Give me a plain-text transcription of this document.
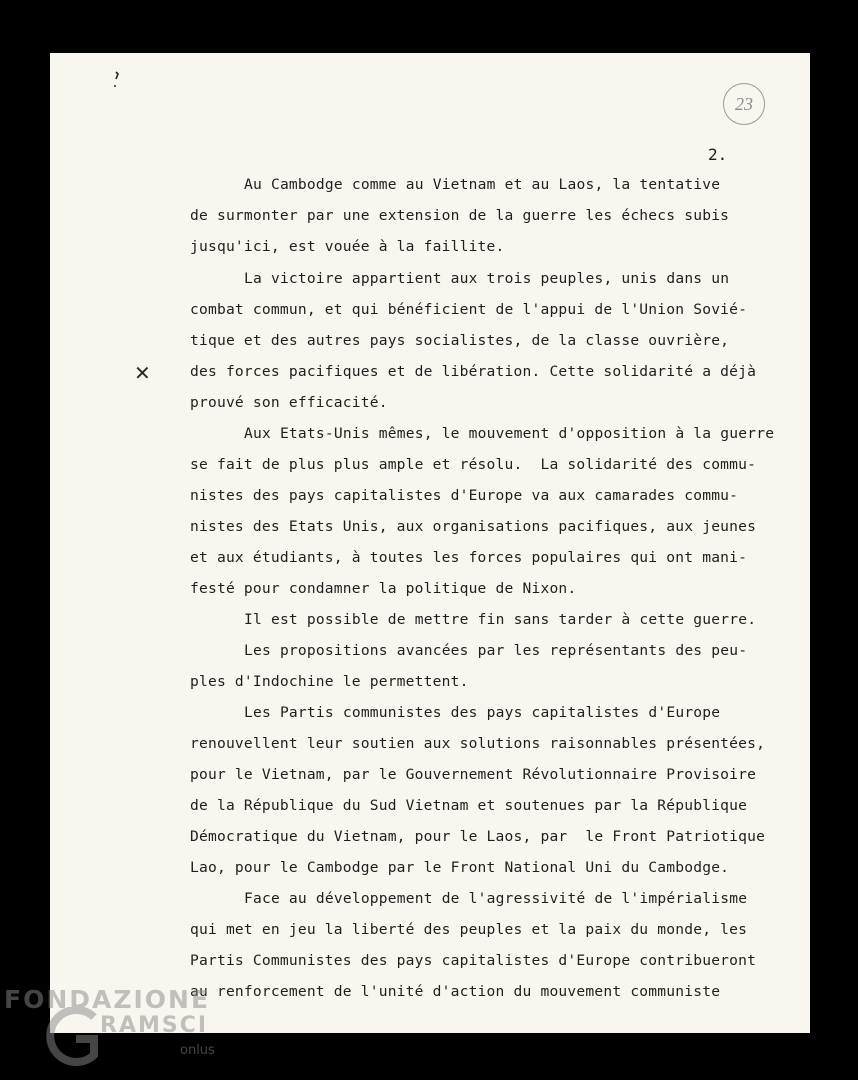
23
2.
✕
Au Cambodge comme au Vietnam et au Laos, la tentative
de surmonter par une extension de la guerre les échecs subis
jusqu'ici, est vouée à la faillite.
La victoire appartient aux trois peuples, unis dans un
combat commun, et qui bénéficient de l'appui de l'Union Sovié-
tique et des autres pays socialistes, de la classe ouvrière,
des forces pacifiques et de libération. Cette solidarité a déjà
prouvé son efficacité.
Aux Etats-Unis mêmes, le mouvement d'opposition à la guerre
se fait de plus plus ample et résolu.  La solidarité des commu-
nistes des pays capitalistes d'Europe va aux camarades commu-
nistes des Etats Unis, aux organisations pacifiques, aux jeunes
et aux étudiants, à toutes les forces populaires qui ont mani-
festé pour condamner la politique de Nixon.
Il est possible de mettre fin sans tarder à cette guerre.
Les propositions avancées par les représentants des peu-
ples d'Indochine le permettent.
Les Partis communistes des pays capitalistes d'Europe
renouvellent leur soutien aux solutions raisonnables présentées,
pour le Vietnam, par le Gouvernement Révolutionnaire Provisoire
de la République du Sud Vietnam et soutenues par la République
Démocratique du Vietnam, pour le Laos, par  le Front Patriotique
Lao, pour le Cambodge par le Front National Uni du Cambodge.
Face au développement de l'agressivité de l'impérialisme
qui met en jeu la liberté des peuples et la paix du monde, les
Partis Communistes des pays capitalistes d'Europe contribueront
au renforcement de l'unité d'action du mouvement communiste
FONDAZIONE
RAMSCI
onlus
